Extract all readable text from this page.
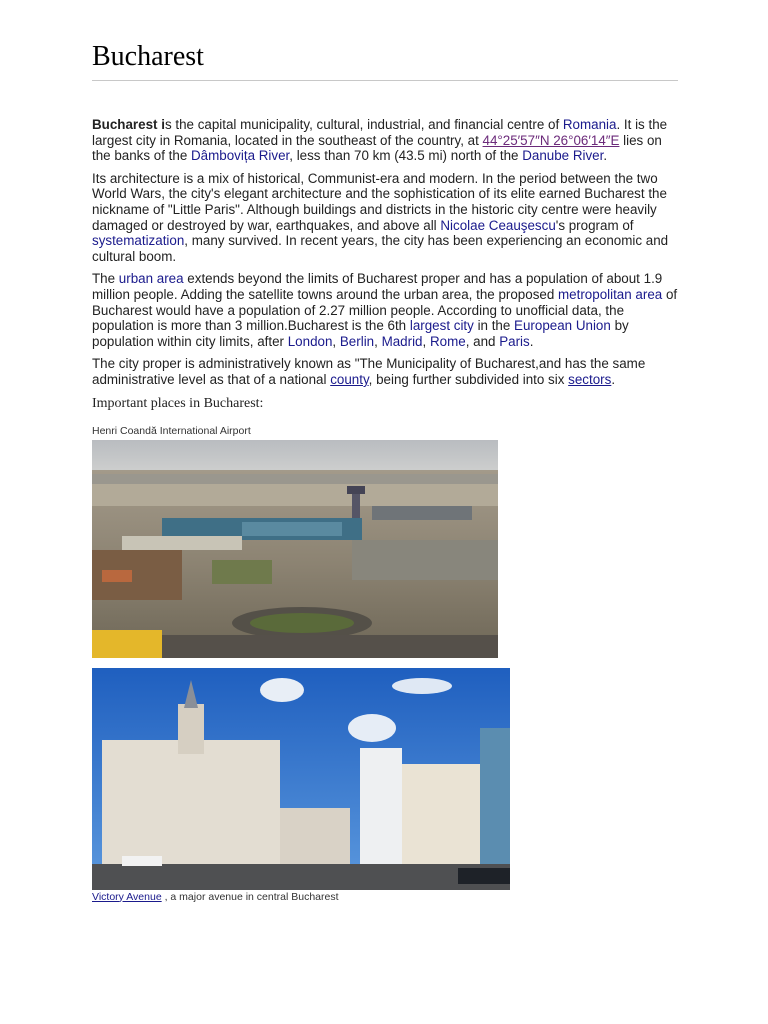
Bucharest

Bucharest is the capital municipality, cultural, industrial, and financial centre of Romania. It is the largest city in Romania, located in the southeast of the country, at 44°25′57″N 26°06′14″E lies on the banks of the Dâmbovița River, less than 70 km (43.5 mi) north of the Danube River.

Its architecture is a mix of historical, Communist-era and modern. In the period between the two World Wars, the city's elegant architecture and the sophistication of its elite earned Bucharest the nickname of "Little Paris". Although buildings and districts in the historic city centre were heavily damaged or destroyed by war, earthquakes, and above all Nicolae Ceauşescu's program of systematization, many survived. In recent years, the city has been experiencing an economic and cultural boom.

The urban area extends beyond the limits of Bucharest proper and has a population of about 1.9 million people. Adding the satellite towns around the urban area, the proposed metropolitan area of Bucharest would have a population of 2.27 million people. According to unofficial data, the population is more than 3 million.Bucharest is the 6th largest city in the European Union by population within city limits, after London, Berlin, Madrid, Rome, and Paris.

The city proper is administratively known as "The Municipality of Bucharest,and has the same administrative level as that of a national county, being further subdivided into six sectors.

Important places in Bucharest:
Henri Coandă International Airport
Victory Avenue , a major avenue in central Bucharest
